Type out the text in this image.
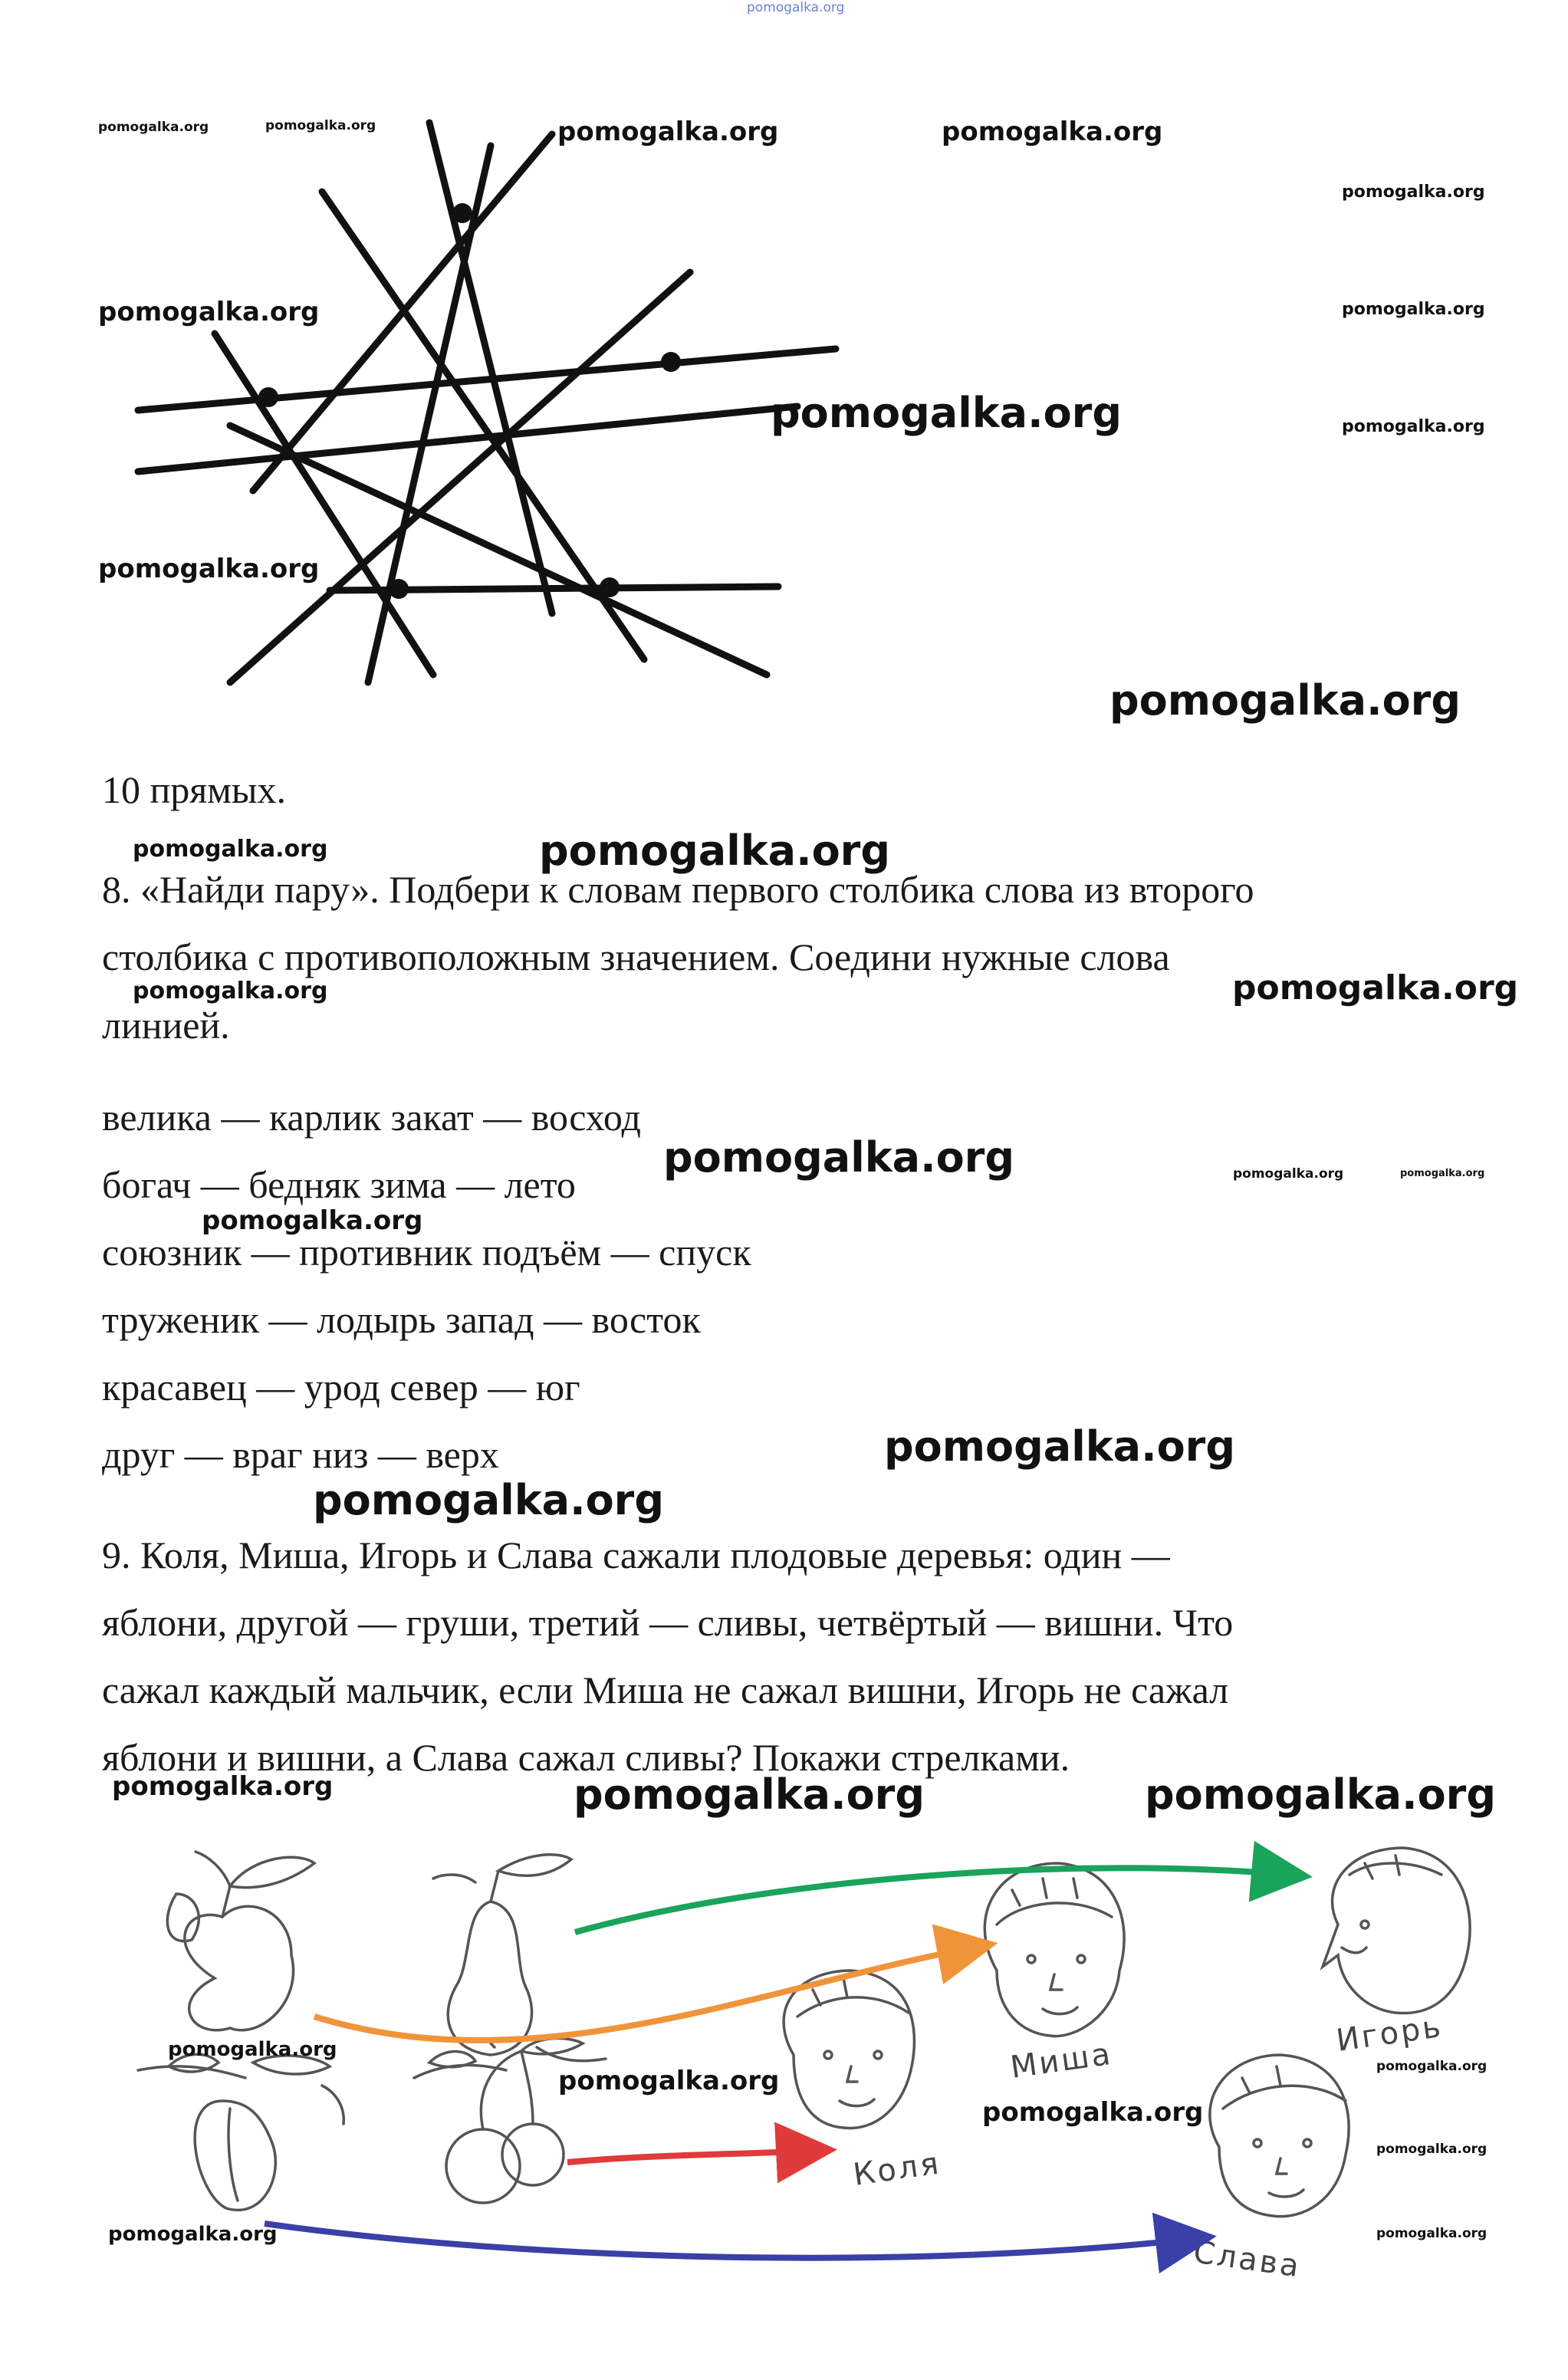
pomogalka.org
pomogalka.org	pomogalka.org	pomogalka.org	pomogalka.org
pomogalka.org
pomogalka.org	pomogalka.org
pomogalka.org	pomogalka.org
pomogalka.org
pomogalka.org
10 прямых.
pomogalka.org	pomogalka.org
8. «Найди пару». Подбери к словам первого столбика слова из второго
столбика с противоположным значением. Соедини нужные слова
pomogalka.org	pomogalka.org
линией.
велика — карлик закат — восход
pomogalka.org	pomogalka.org	pomogalka.org
богач — бедняк зима — лето
pomogalka.org
союзник — противник подъём — спуск
труженик — лодырь запад — восток
красавец — урод север — юг
pomogalka.org
друг — враг низ — верх
pomogalka.org
9. Коля, Миша, Игорь и Слава сажали плодовые деревья: один —
яблони, другой — груши, третий — сливы, четвёртый — вишни. Что
сажал каждый мальчик, если Миша не сажал вишни, Игорь не сажал
яблони и вишни, а Слава сажал сливы? Покажи стрелками.
pomogalka.org	pomogalka.org	pomogalka.org
Миша
Игорь
Коля
Слава
pomogalka.org
pomogalka.org	pomogalka.org
pomogalka.org
pomogalka.org
pomogalka.org	pomogalka.org
